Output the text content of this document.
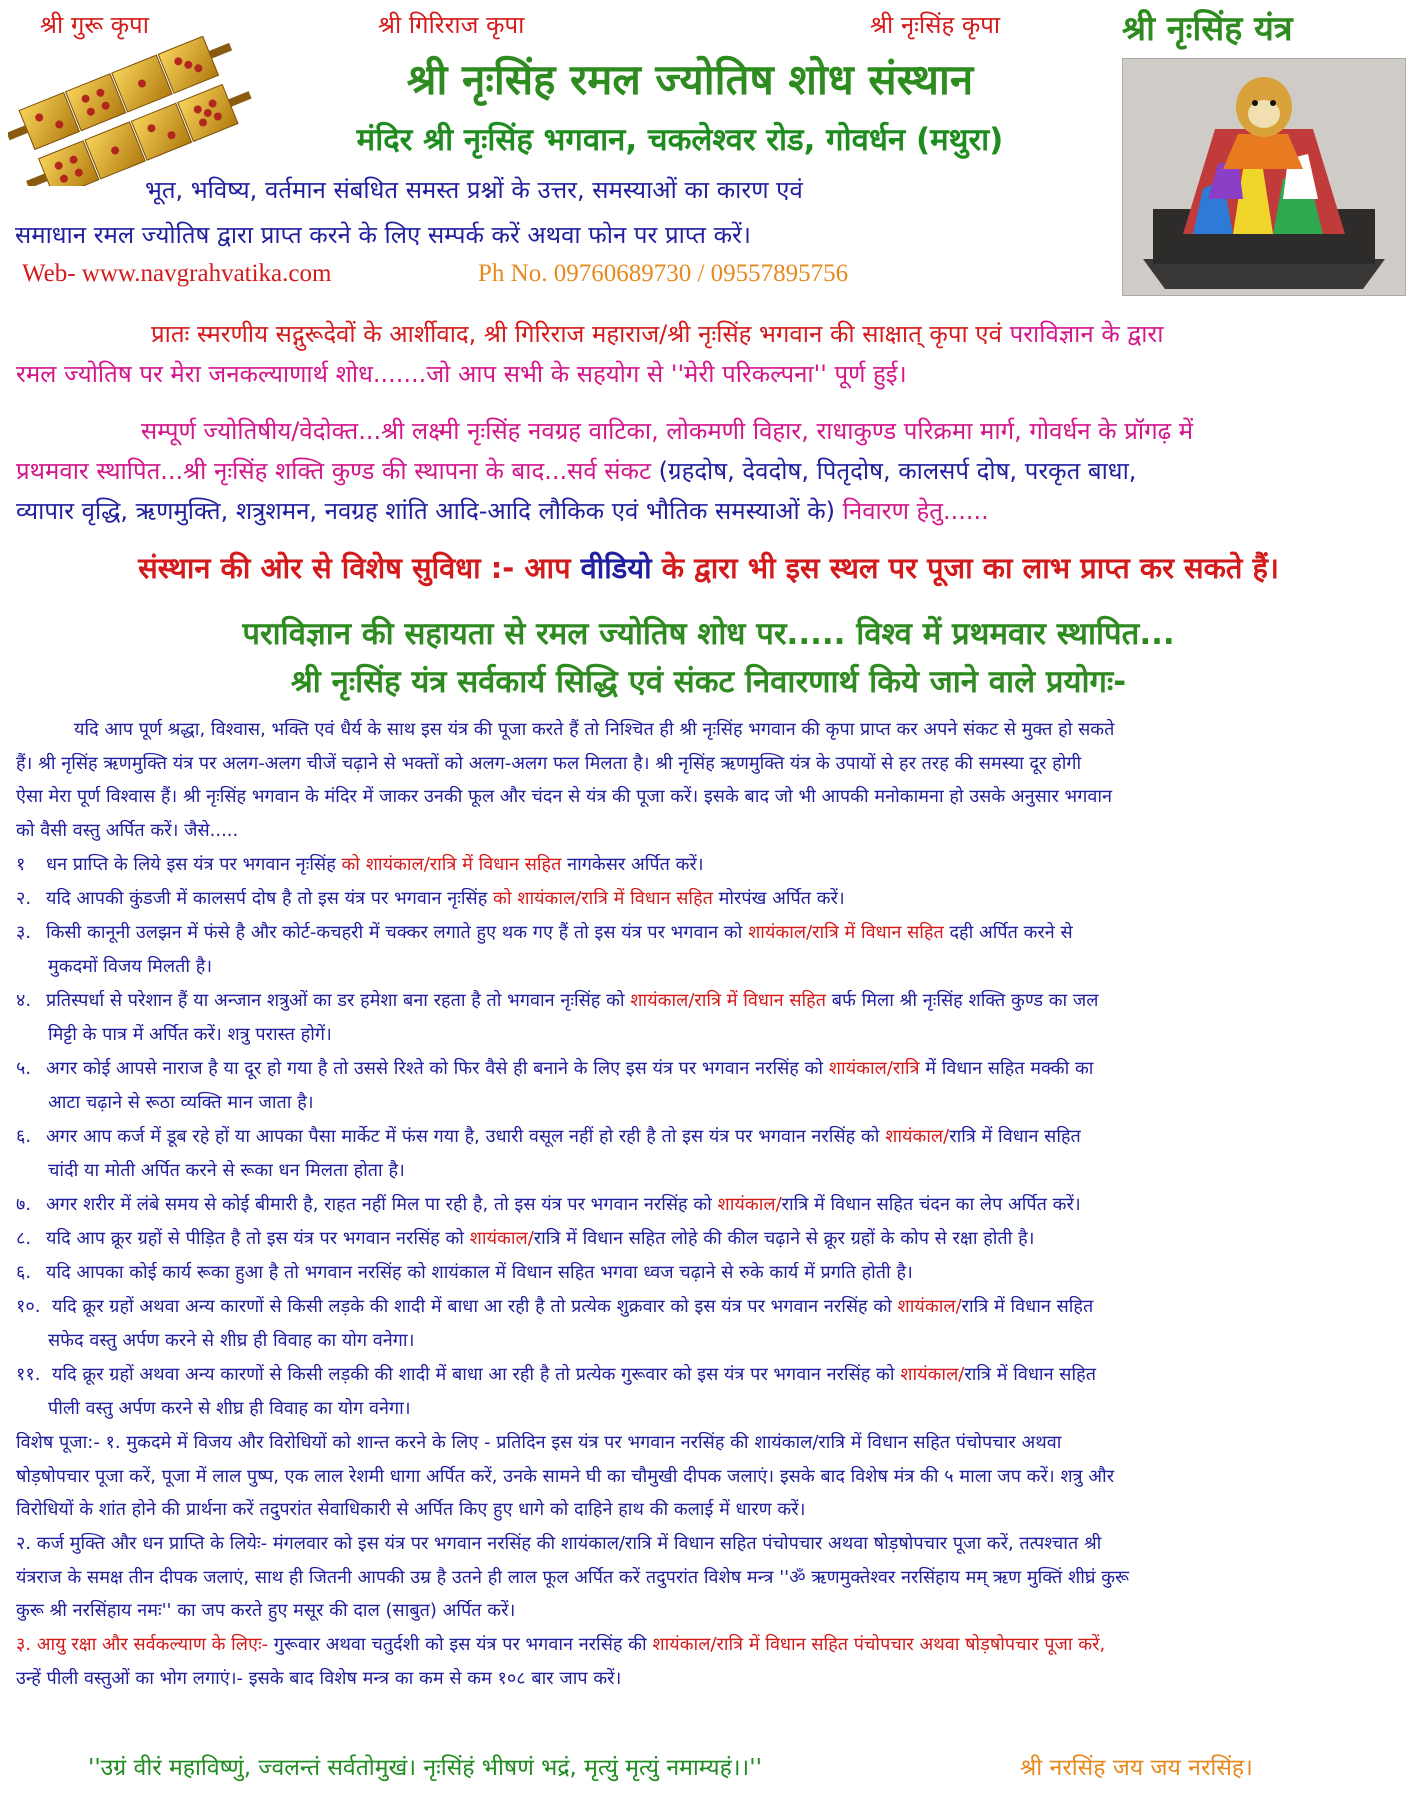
श्री गुरू कृपा	श्री गिरिराज कृपा	श्री नृःसिंह कृपा	श्री नृःसिंह यंत्र
श्री नृःसिंह रमल ज्योतिष शोध संस्थान
मंदिर श्री नृःसिंह भगवान, चकलेश्वर रोड, गोवर्धन (मथुरा)
भूत, भविष्य, वर्तमान संबधित समस्त प्रश्नों के उत्तर, समस्याओं का कारण एवं
समाधान रमल ज्योतिष द्वारा प्राप्त करने के लिए सम्पर्क करें अथवा फोन पर प्राप्त करें।
Web- www.navgrahvatika.com	Ph No. 09760689730 / 09557895756
प्रातः स्मरणीय सद्गुरूदेवों के आर्शीवाद, श्री गिरिराज महाराज/श्री नृःसिंह भगवान की साक्षात् कृपा एवं पराविज्ञान के द्वारा
रमल ज्योतिष पर मेरा जनकल्याणार्थ शोध.......जो आप सभी के सहयोग से ''मेरी परिकल्पना'' पूर्ण हुई।
सम्पूर्ण ज्योतिषीय/वेदोक्त...श्री लक्ष्मी नृःसिंह नवग्रह वाटिका, लोकमणी विहार, राधाकुण्ड परिक्रमा मार्ग, गोवर्धन के प्रॉगढ़ में
प्रथमवार स्थापित...श्री नृःसिंह शक्ति कुण्ड की स्थापना के बाद...सर्व संकट (ग्रहदोष, देवदोष, पितृदोष, कालसर्प दोष, परकृत बाधा,
व्यापार वृद्धि, ऋणमुक्ति, शत्रुशमन, नवग्रह शांति आदि-आदि लौकिक एवं भौतिक समस्याओं के) निवारण हेतु......
संस्थान की ओर से विशेष सुविधा :- आप वीडियो के द्वारा भी इस स्थल पर पूजा का लाभ प्राप्त कर सकते हैं।
पराविज्ञान की सहायता से रमल ज्योतिष शोध पर..... विश्व में प्रथमवार स्थापित...
श्री नृःसिंह यंत्र सर्वकार्य सिद्धि एवं संकट निवारणार्थ किये जाने वाले प्रयोगः-
यदि आप पूर्ण श्रद्धा, विश्वास, भक्ति एवं धैर्य के साथ इस यंत्र की पूजा करते हैं तो निश्चित ही श्री नृःसिंह भगवान की कृपा प्राप्त कर अपने संकट से मुक्त हो सकते
हैं। श्री नृसिंह ऋणमुक्ति यंत्र पर अलग-अलग चीजें चढ़ाने से भक्तों को अलग-अलग फल मिलता है। श्री नृसिंह ऋणमुक्ति यंत्र के उपायों से हर तरह की समस्या दूर होगी
ऐसा मेरा पूर्ण विश्वास हैं। श्री नृःसिंह भगवान के मंदिर में जाकर उनकी फूल और चंदन से यंत्र की पूजा करें। इसके बाद जो भी आपकी मनोकामना हो उसके अनुसार भगवान
को वैसी वस्तु अर्पित करें। जैसे.....
१ धन प्राप्ति के लिये इस यंत्र पर भगवान नृःसिंह को शायंकाल/रात्रि में विधान सहित नागकेसर अर्पित करें।
२. यदि आपकी कुंडजी में कालसर्प दोष है तो इस यंत्र पर भगवान नृःसिंह को शायंकाल/रात्रि में विधान सहित मोरपंख अर्पित करें।
३. किसी कानूनी उलझन में फंसे है और कोर्ट-कचहरी में चक्कर लगाते हुए थक गए हैं तो इस यंत्र पर भगवान को शायंकाल/रात्रि में विधान सहित दही अर्पित करने से
मुकदमों विजय मिलती है।
४. प्रतिस्पर्धा से परेशान हैं या अन्जान शत्रुओं का डर हमेशा बना रहता है तो भगवान नृःसिंह को शायंकाल/रात्रि में विधान सहित बर्फ मिला श्री नृःसिंह शक्ति कुण्ड का जल
मिट्टी के पात्र में अर्पित करें। शत्रु परास्त होगें।
५. अगर कोई आपसे नाराज है या दूर हो गया है तो उससे रिश्ते को फिर वैसे ही बनाने के लिए इस यंत्र पर भगवान नरसिंह को शायंकाल/रात्रि में विधान सहित मक्की का
आटा चढ़ाने से रूठा व्यक्ति मान जाता है।
६. अगर आप कर्ज में डूब रहे हों या आपका पैसा मार्केट में फंस गया है, उधारी वसूल नहीं हो रही है तो इस यंत्र पर भगवान नरसिंह को शायंकाल/रात्रि में विधान सहित
चांदी या मोती अर्पित करने से रूका धन मिलता होता है।
७. अगर शरीर में लंबे समय से कोई बीमारी है, राहत नहीं मिल पा रही है, तो इस यंत्र पर भगवान नरसिंह को शायंकाल/रात्रि में विधान सहित चंदन का लेप अर्पित करें।
८. यदि आप क्रूर ग्रहों से पीड़ित है तो इस यंत्र पर भगवान नरसिंह को शायंकाल/रात्रि में विधान सहित लोहे की कील चढ़ाने से क्रूर ग्रहों के कोप से रक्षा होती है।
६. यदि आपका कोई कार्य रूका हुआ है तो भगवान नरसिंह को शायंकाल में विधान सहित भगवा ध्वज चढ़ाने से रुके कार्य में प्रगति होती है।
१०. यदि क्रूर ग्रहों अथवा अन्य कारणों से किसी लड़के की शादी में बाधा आ रही है तो प्रत्येक शुक्रवार को इस यंत्र पर भगवान नरसिंह को शायंकाल/रात्रि में विधान सहित
सफेद वस्तु अर्पण करने से शीघ्र ही विवाह का योग वनेगा।
११. यदि क्रूर ग्रहों अथवा अन्य कारणों से किसी लड़की की शादी में बाधा आ रही है तो प्रत्येक गुरूवार को इस यंत्र पर भगवान नरसिंह को शायंकाल/रात्रि में विधान सहित
पीली वस्तु अर्पण करने से शीघ्र ही विवाह का योग वनेगा।
विशेष पूजा:- १. मुकदमे में विजय और विरोधियों को शान्त करने के लिए - प्रतिदिन इस यंत्र पर भगवान नरसिंह की शायंकाल/रात्रि में विधान सहित पंचोपचार अथवा
षोड़षोपचार पूजा करें, पूजा में लाल पुष्प, एक लाल रेशमी धागा अर्पित करें, उनके सामने घी का चौमुखी दीपक जलाएं। इसके बाद विशेष मंत्र की ५ माला जप करें। शत्रु और
विरोधियों के शांत होने की प्रार्थना करें तदुपरांत सेवाधिकारी से अर्पित किए हुए धागे को दाहिने हाथ की कलाई में धारण करें।
२. कर्ज मुक्ति और धन प्राप्ति के लियेः- मंगलवार को इस यंत्र पर भगवान नरसिंह की शायंकाल/रात्रि में विधान सहित पंचोपचार अथवा षोड़षोपचार पूजा करें, तत्पश्चात श्री
यंत्रराज के समक्ष तीन दीपक जलाएं, साथ ही जितनी आपकी उम्र है उतने ही लाल फूल अर्पित करें तदुपरांत विशेष मन्त्र ''ॐ ऋणमुक्तेश्वर नरसिंहाय मम् ऋण मुक्तिं शीघ्रं कुरू
कुरू श्री नरसिंहाय नमः'' का जप करते हुए मसूर की दाल (साबुत) अर्पित करें।
३. आयु रक्षा और सर्वकल्याण के लिएः- गुरूवार अथवा चतुर्दशी को इस यंत्र पर भगवान नरसिंह की शायंकाल/रात्रि में विधान सहित पंचोपचार अथवा षोड़षोपचार पूजा करें,
उन्हें पीली वस्तुओं का भोग लगाएं।- इसके बाद विशेष मन्त्र का कम से कम १०८ बार जाप करें।
''उग्रं वीरं महाविष्णुं, ज्वलन्तं सर्वतोमुखं। नृःसिंहं भीषणं भद्रं, मृत्युं मृत्युं नमाम्यहं।।''	श्री नरसिंह जय जय नरसिंह।
